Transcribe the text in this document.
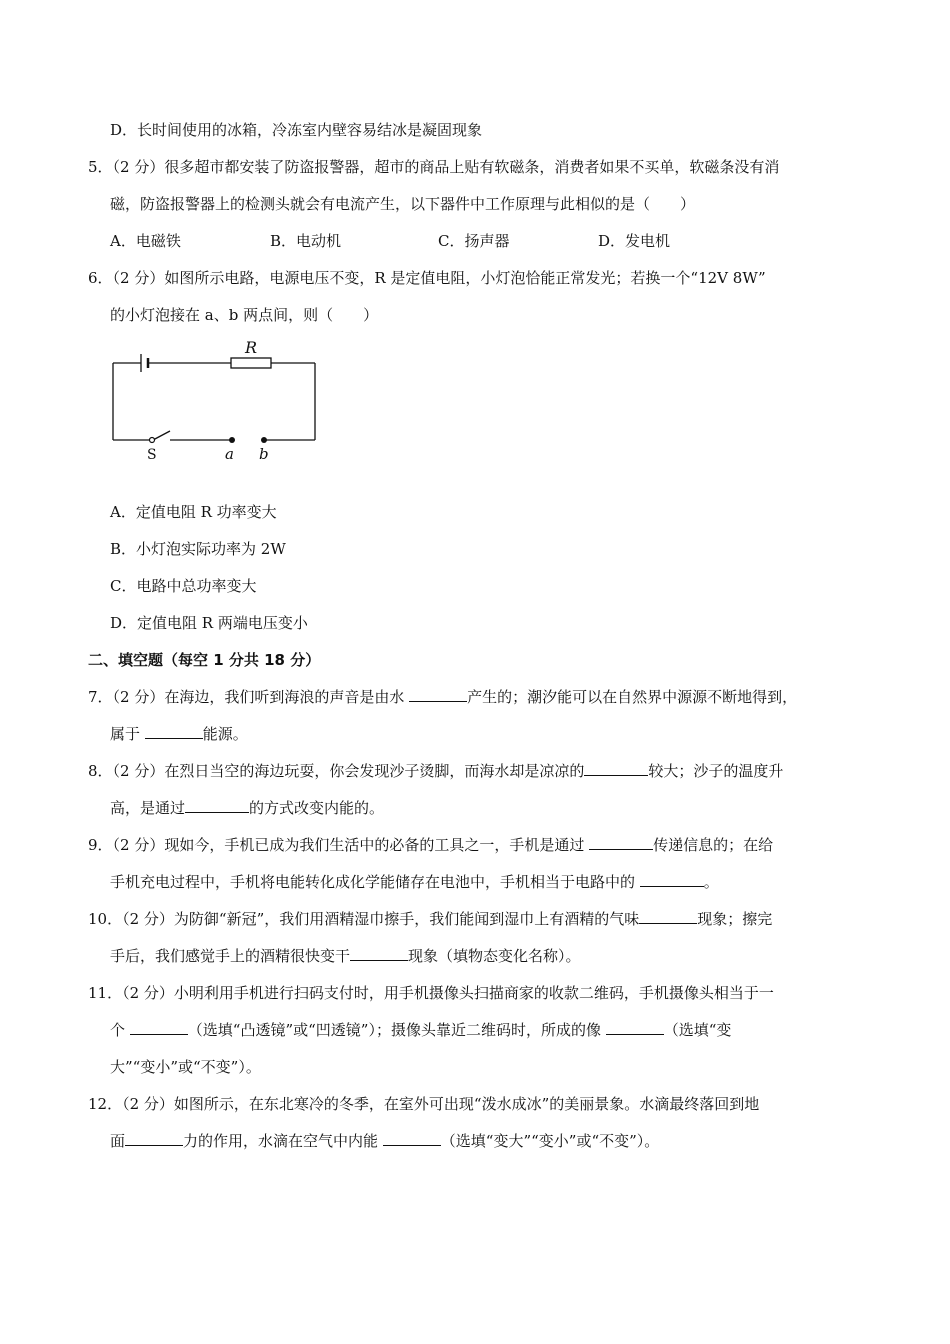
D．长时间使用的冰箱，冷冻室内壁容易结冰是凝固现象
5．（2 分）很多超市都安装了防盗报警器，超市的商品上贴有软磁条，消费者如果不买单，软磁条没有消
磁，防盗报警器上的检测头就会有电流产生，以下器件中工作原理与此相似的是（　　）
A．电磁铁	B．电动机	C．扬声器	D．发电机
6．（2 分）如图所示电路，电源电压不变，R 是定值电阻，小灯泡恰能正常发光；若换一个“12V 8W”
的小灯泡接在 a、b 两点间，则（　　）
R
S	a b
A．定值电阻 R 功率变大
B．小灯泡实际功率为 2W
C．电路中总功率变大
D．定值电阻 R 两端电压变小
二、填空题（每空 1 分共 18 分）
7．（2 分）在海边，我们听到海浪的声音是由水	产生的；潮汐能可以在自然界中源源不断地得到，
属于	能源。
8．（2 分）在烈日当空的海边玩耍，你会发现沙子烫脚，而海水却是凉凉的	较大；沙子的温度升
高，是通过	的方式改变内能的。
9．（2 分）现如今，手机已成为我们生活中的必备的工具之一，手机是通过	传递信息的；在给
手机充电过程中，手机将电能转化成化学能储存在电池中，手机相当于电路中的	。
10．（2 分）为防御“新冠”，我们用酒精湿巾擦手，我们能闻到湿巾上有酒精的气味	现象；擦完
手后，我们感觉手上的酒精很快变干	现象（填物态变化名称）。
11．（2 分）小明利用手机进行扫码支付时，用手机摄像头扫描商家的收款二维码，手机摄像头相当于一
个	（选填“凸透镜”或“凹透镜”）；摄像头靠近二维码时，所成的像	（选填“变
大”“变小”或“不变”）。
12．（2 分）如图所示，在东北寒冷的冬季，在室外可出现“泼水成冰”的美丽景象。水滴最终落回到地
面	力的作用，水滴在空气中内能	（选填“变大”“变小”或“不变”）。
